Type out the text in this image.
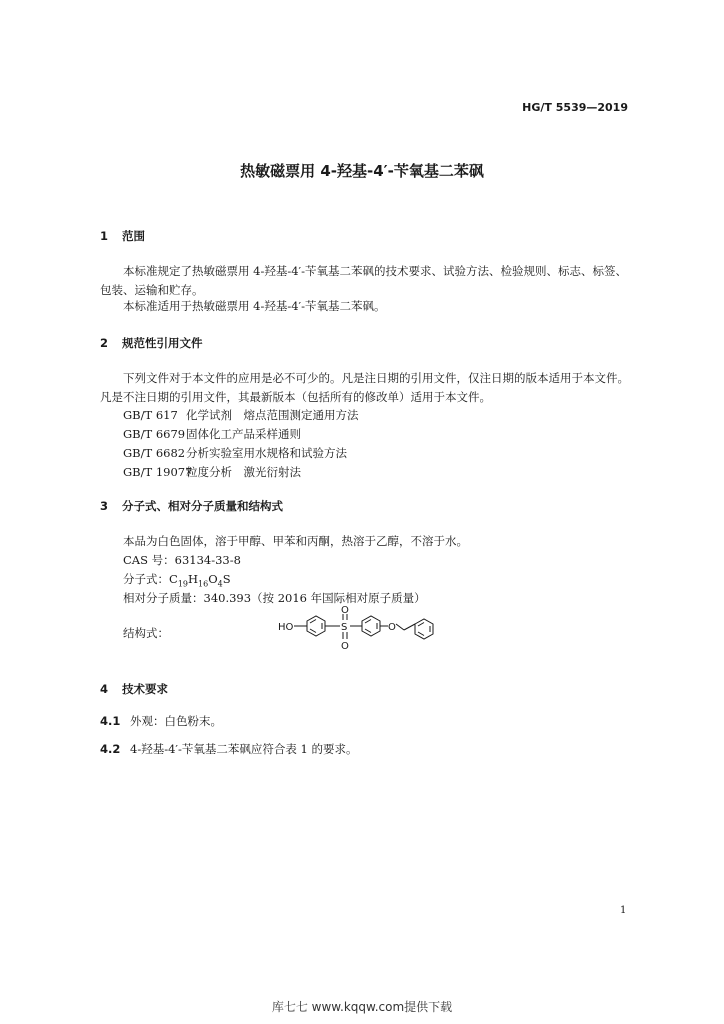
HG/T 5539—2019
热敏磁票用 4-羟基-4′-苄氧基二苯砜
1 范围
本标准规定了热敏磁票用 4-羟基-4′-苄氧基二苯砜的技术要求、试验方法、检验规则、标志、标签、包装、运输和贮存。
本标准适用于热敏磁票用 4-羟基-4′-苄氧基二苯砜。
2 规范性引用文件
下列文件对于本文件的应用是必不可少的。凡是注日期的引用文件，仅注日期的版本适用于本文件。凡是不注日期的引用文件，其最新版本（包括所有的修改单）适用于本文件。
GB/T 617 化学试剂　熔点范围测定通用方法
GB/T 6679固体化工产品采样通则
GB/T 6682分析实验室用水规格和试验方法
GB/T 19077粒度分析　激光衍射法
3 分子式、相对分子质量和结构式
本品为白色固体，溶于甲醇、甲苯和丙酮，热溶于乙醇，不溶于水。
CAS 号：63134-33-8
分子式：$C_{19}H_{16}O_4S$
相对分子质量：340.393（按 2016 年国际相对原子质量）
结构式：	HO	S
O
O
O
4 技术要求
4.1 外观：白色粉末。
4.2 4-羟基-4′-苄氧基二苯砜应符合表 1 的要求。
1
库七七 www.kqqw.com提供下载
